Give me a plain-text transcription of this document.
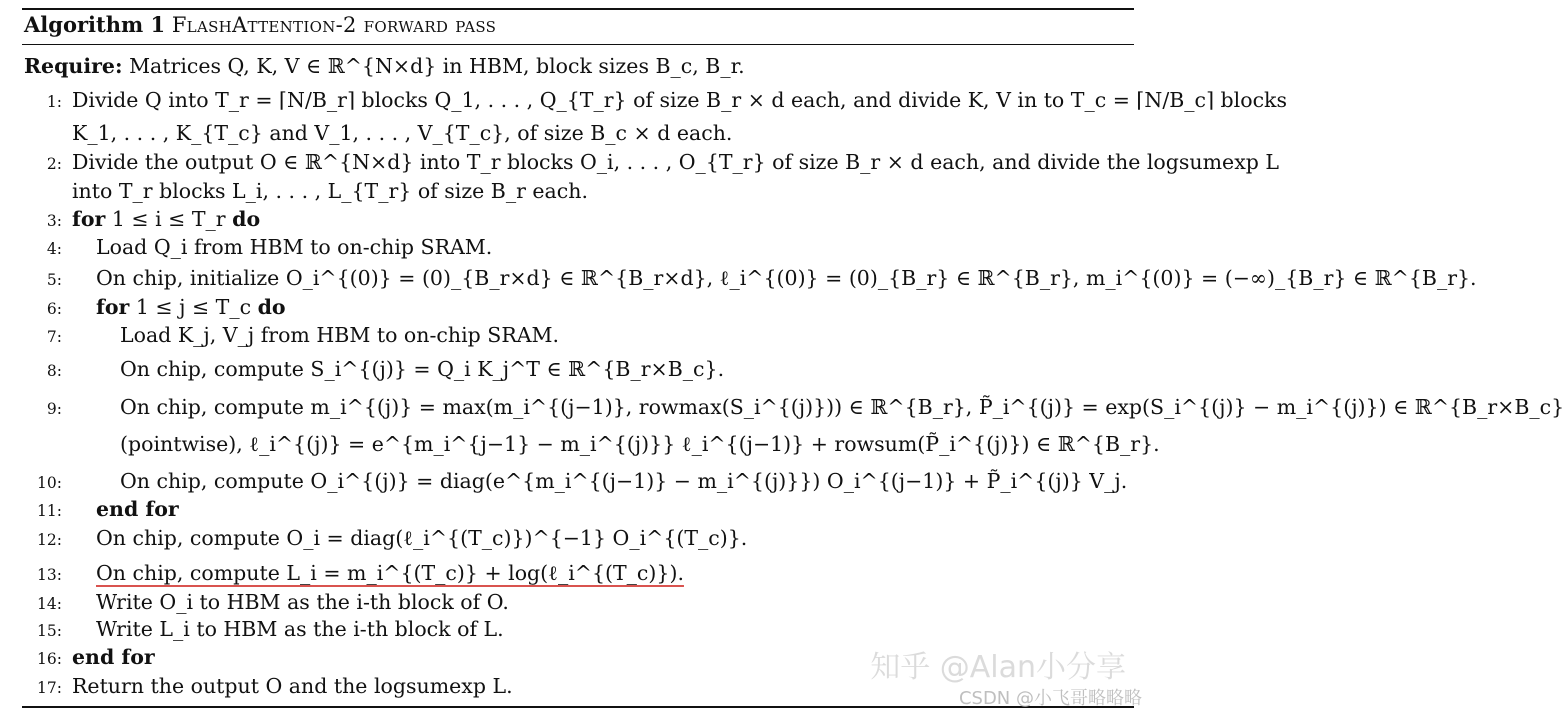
Algorithm 1 FlashAttention-2 forward pass
Require: Matrices Q, K, V ∈ ℝ^{N×d} in HBM, block sizes B_c, B_r.
1: Divide Q into T_r = ⌈N/B_r⌉ blocks Q_1, . . . , Q_{T_r} of size B_r × d each, and divide K, V in to T_c = ⌈N/B_c⌉ blocks
K_1, . . . , K_{T_c} and V_1, . . . , V_{T_c}, of size B_c × d each.
2: Divide the output O ∈ ℝ^{N×d} into T_r blocks O_i, . . . , O_{T_r} of size B_r × d each, and divide the logsumexp L
into T_r blocks L_i, . . . , L_{T_r} of size B_r each.
3: for 1 ≤ i ≤ T_r do
4: Load Q_i from HBM to on-chip SRAM.
5: On chip, initialize O_i^{(0)} = (0)_{B_r×d} ∈ ℝ^{B_r×d}, ℓ_i^{(0)} = (0)_{B_r} ∈ ℝ^{B_r}, m_i^{(0)} = (−∞)_{B_r} ∈ ℝ^{B_r}.
6: for 1 ≤ j ≤ T_c do
7:	Load K_j, V_j from HBM to on-chip SRAM.
8:	On chip, compute S_i^{(j)} = Q_i K_j^T ∈ ℝ^{B_r×B_c}.
9:	On chip, compute m_i^{(j)} = max(m_i^{(j−1)}, rowmax(S_i^{(j)})) ∈ ℝ^{B_r}, P̃_i^{(j)} = exp(S_i^{(j)} − m_i^{(j)}) ∈ ℝ^{B_r×B_c}
(pointwise), ℓ_i^{(j)} = e^{m_i^{j−1} − m_i^{(j)}} ℓ_i^{(j−1)} + rowsum(P̃_i^{(j)}) ∈ ℝ^{B_r}.
10:	On chip, compute O_i^{(j)} = diag(e^{m_i^{(j−1)} − m_i^{(j)}}) O_i^{(j−1)} + P̃_i^{(j)} V_j.
11: end for
12: On chip, compute O_i = diag(ℓ_i^{(T_c)})^{−1} O_i^{(T_c)}.
13: On chip, compute L_i = m_i^{(T_c)} + log(ℓ_i^{(T_c)}).
14: Write O_i to HBM as the i-th block of O.
15: Write L_i to HBM as the i-th block of L.
16: end for
17: Return the output O and the logsumexp L.
知乎 @Alan小分享
CSDN @小飞哥略略略
